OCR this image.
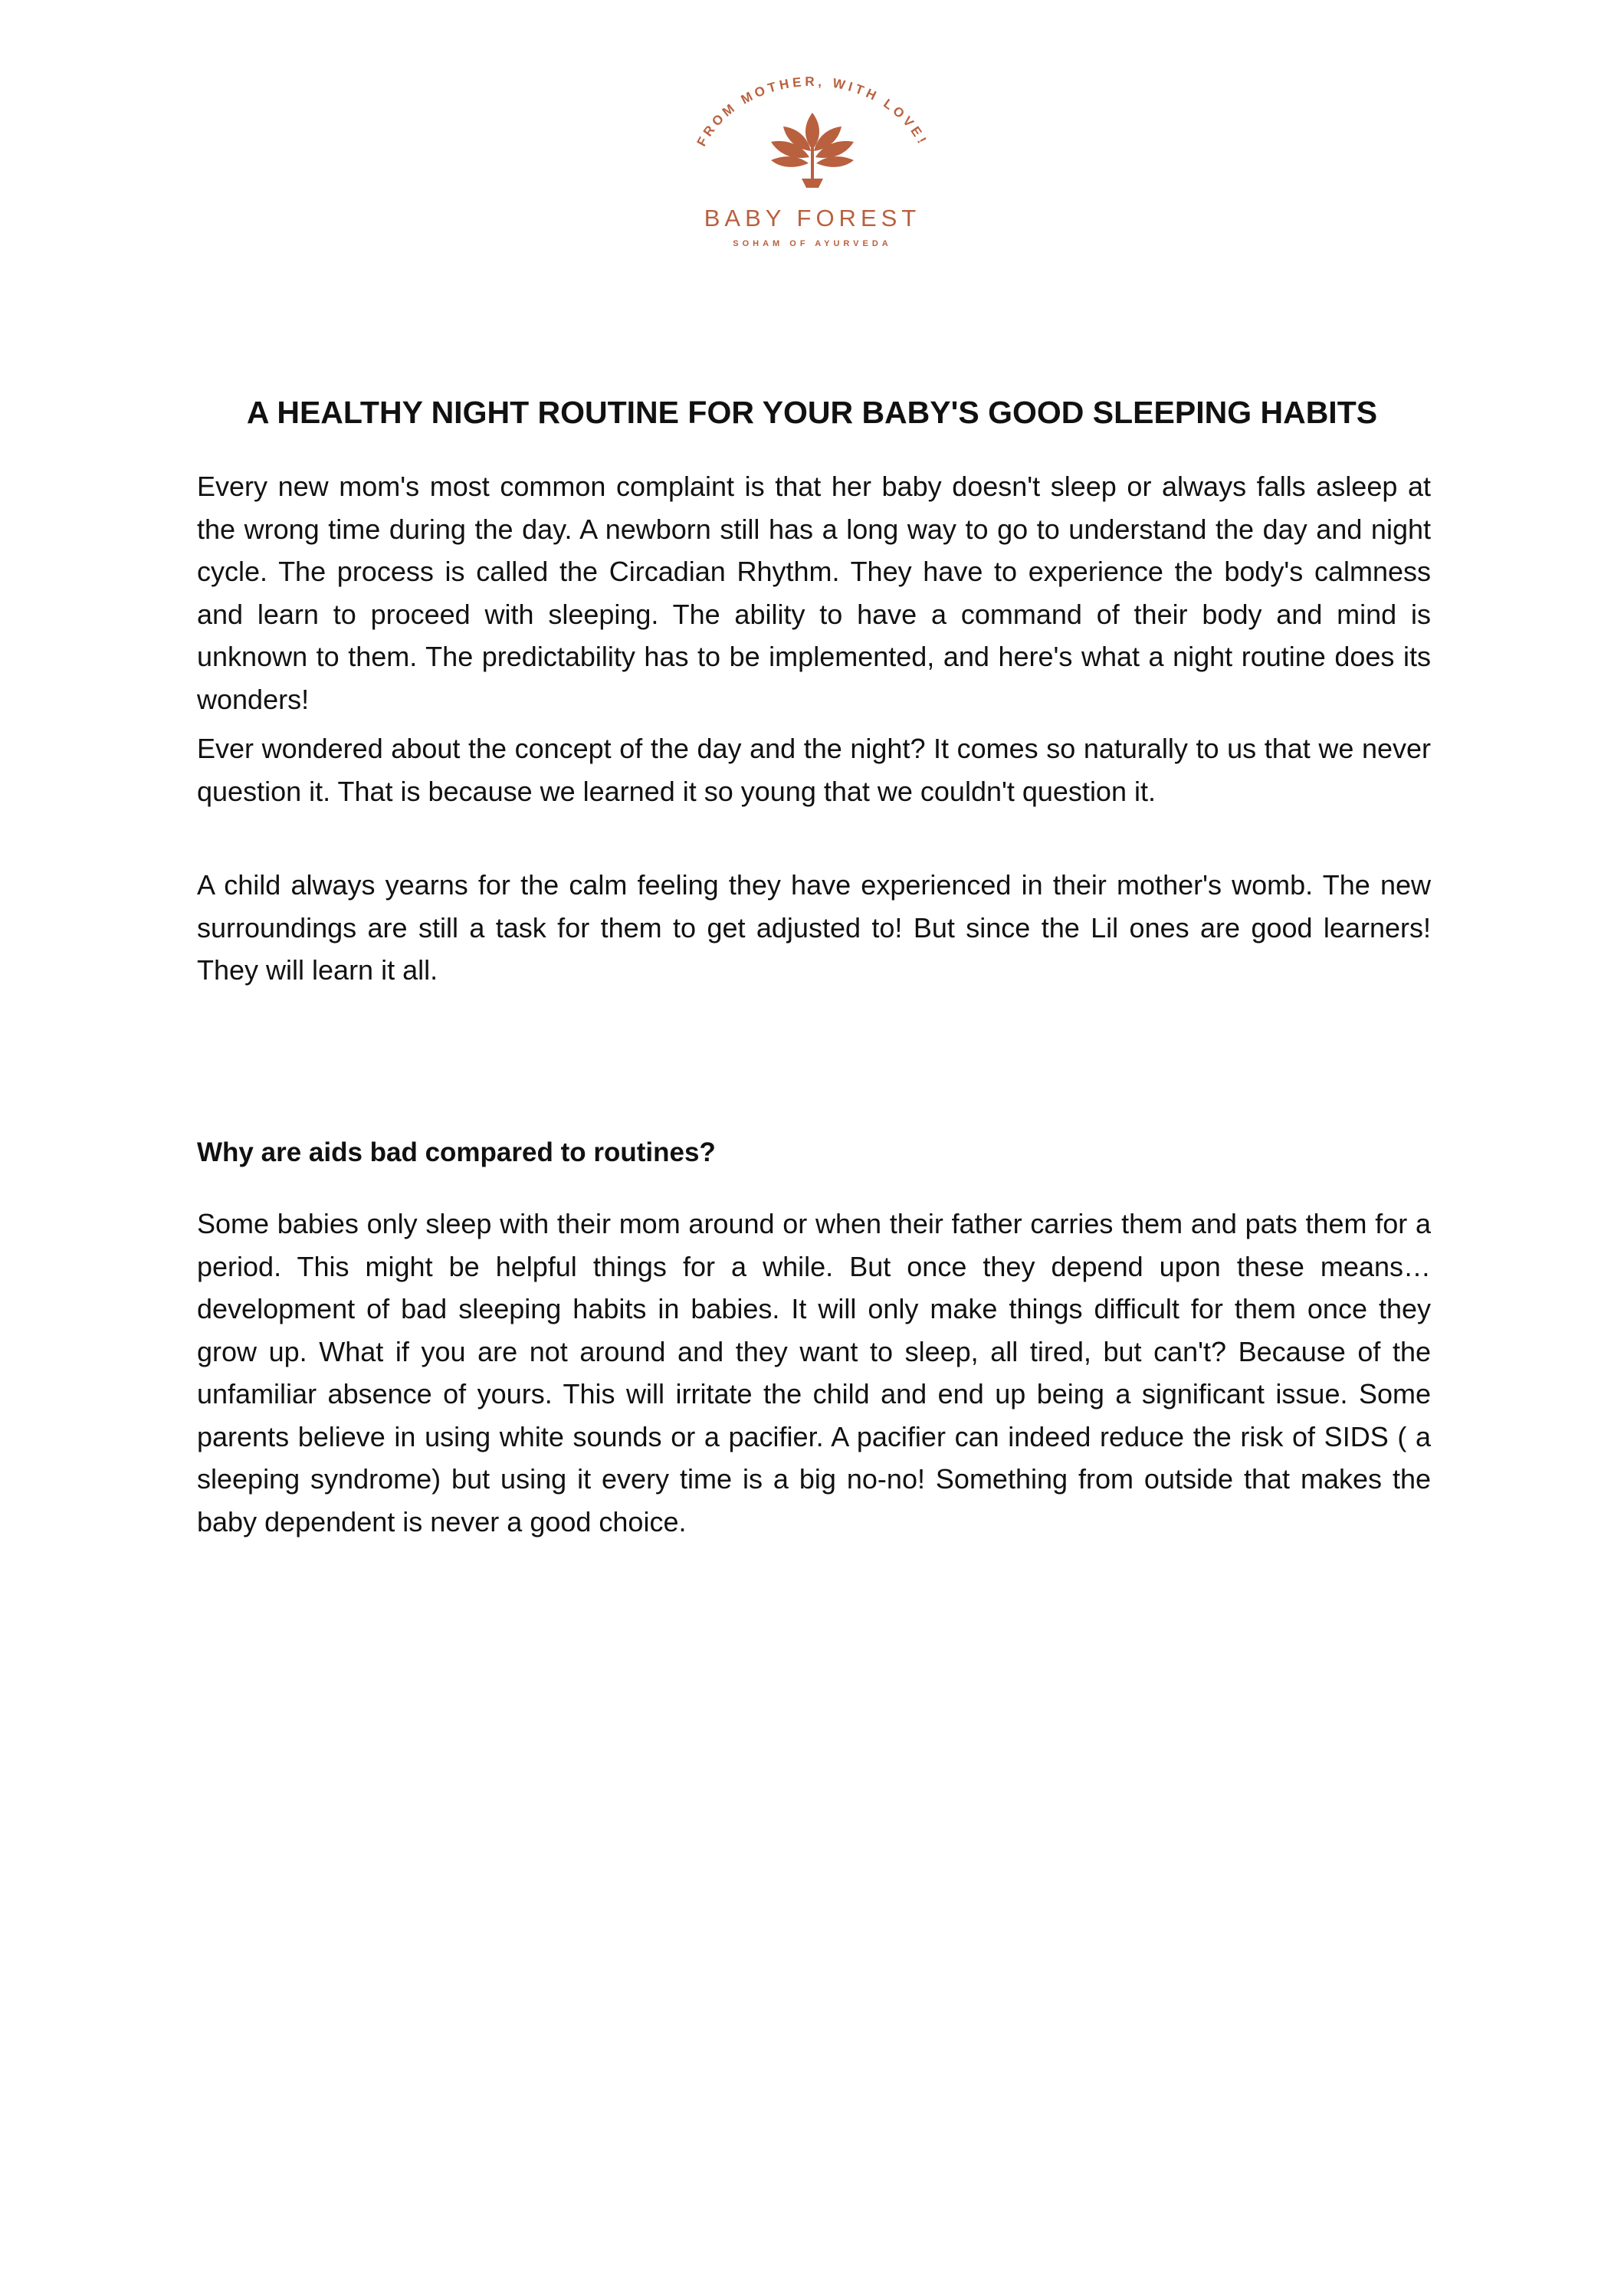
FROM MOTHER, WITH LOVE!
BABY FOREST
SOHAM OF AYURVEDA
A HEALTHY NIGHT ROUTINE FOR YOUR BABY'S GOOD SLEEPING HABITS

Every new mom's most common complaint is that her baby doesn't sleep or always falls asleep at the wrong time during the day. A newborn still has a long way to go to understand the day and night cycle. The process is called the Circadian Rhythm. They have to experience the body's calmness and learn to proceed with sleeping. The ability to have a command of their body and mind is unknown to them. The predictability has to be implemented, and here's what a night routine does its wonders!

Ever wondered about the concept of the day and the night? It comes so naturally to us that we never question it. That is because we learned it so young that we couldn't question it.

A child always yearns for the calm feeling they have experienced in their mother's womb. The new surroundings are still a task for them to get adjusted to! But since the Lil ones are good learners! They will learn it all.

Why are aids bad compared to routines?

Some babies only sleep with their mom around or when their father carries them and pats them for a period. This might be helpful things for a while. But once they depend upon these means… development of bad sleeping habits in babies. It will only make things difficult for them once they grow up. What if you are not around and they want to sleep, all tired, but can't? Because of the unfamiliar absence of yours. This will irritate the child and end up being a significant issue. Some parents believe in using white sounds or a pacifier. A pacifier can indeed reduce the risk of SIDS ( a sleeping syndrome) but using it every time is a big no-no! Something from outside that makes the baby dependent is never a good choice.
